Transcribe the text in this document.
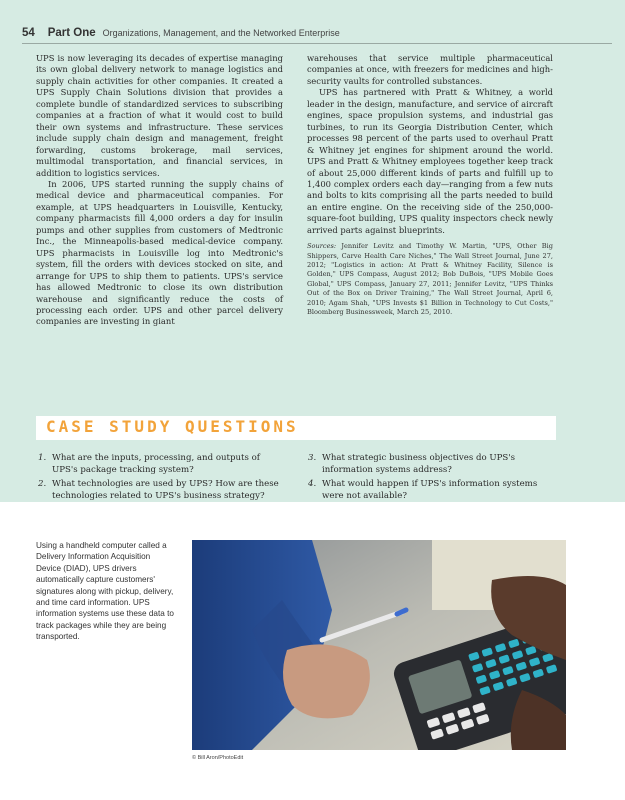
54 Part One Organizations, Management, and the Networked Enterprise

UPS is now leveraging its decades of expertise managing its own global delivery network to manage logistics and supply chain activities for other companies. It created a UPS Supply Chain Solutions division that provides a complete bundle of standardized services to subscribing companies at a fraction of what it would cost to build their own systems and infrastructure. These services include supply chain design and management, freight forwarding, customs brokerage, mail services, multimodal transportation, and financial services, in addition to logistics services.

In 2006, UPS started running the supply chains of medical device and pharmaceutical companies. For example, at UPS headquarters in Louisville, Kentucky, company pharmacists fill 4,000 orders a day for insulin pumps and other supplies from customers of Medtronic Inc., the Minneapolis-based medical-device company. UPS pharmacists in Louisville log into Medtronic's system, fill the orders with devices stocked on site, and arrange for UPS to ship them to patients. UPS's service has allowed Medtronic to close its own distribution warehouse and significantly reduce the costs of processing each order. UPS and other parcel delivery companies are investing in giant

warehouses that service multiple pharmaceutical companies at once, with freezers for medicines and high-security vaults for controlled substances.

UPS has partnered with Pratt & Whitney, a world leader in the design, manufacture, and service of aircraft engines, space propulsion systems, and industrial gas turbines, to run its Georgia Distribution Center, which processes 98 percent of the parts used to overhaul Pratt & Whitney jet engines for shipment around the world. UPS and Pratt & Whitney employees together keep track of about 25,000 different kinds of parts and fulfill up to 1,400 complex orders each day—ranging from a few nuts and bolts to kits comprising all the parts needed to build an entire engine. On the receiving side of the 250,000-square-foot building, UPS quality inspectors check newly arrived parts against blueprints.

Sources: Jennifer Levitz and Timothy W. Martin, "UPS, Other Big Shippers, Carve Health Care Niches," The Wall Street Journal, June 27, 2012; "Logistics in action: At Pratt & Whitney Facility, Silence is Golden," UPS Compass, August 2012; Bob DuBois, "UPS Mobile Goes Global," UPS Compass, January 27, 2011; Jennifer Levitz, "UPS Thinks Out of the Box on Driver Training," The Wall Street Journal, April 6, 2010; Agam Shah, "UPS Invests $1 Billion in Technology to Cut Costs," Bloomberg Businessweek, March 25, 2010.

CASE STUDY QUESTIONS
1. What are the inputs, processing, and outputs of UPS's package tracking system?
2. What technologies are used by UPS? How are these technologies related to UPS's business strategy?
3. What strategic business objectives do UPS's information systems address?
4. What would happen if UPS's information systems were not available?
Using a handheld computer called a Delivery Information Acquisition Device (DIAD), UPS drivers automatically capture customers' signatures along with pickup, delivery, and time card information. UPS information systems use these data to track packages while they are being transported.
© Bill Aron/PhotoEdit
